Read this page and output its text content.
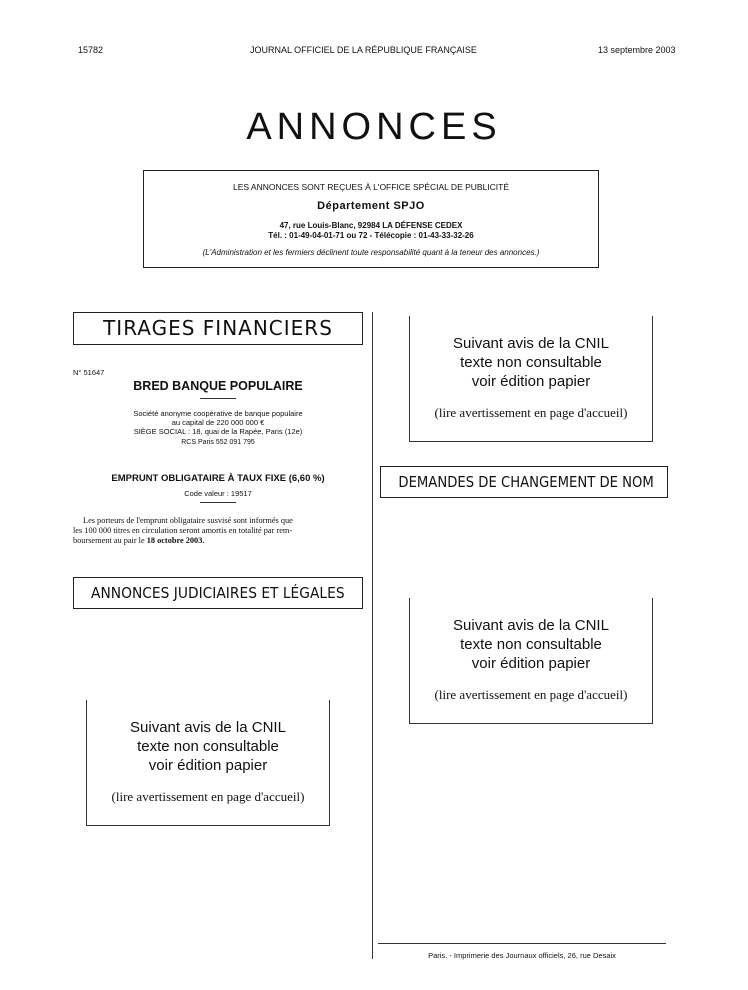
15782	JOURNAL OFFICIEL DE LA RÉPUBLIQUE FRANÇAISE	13 septembre 2003
ANNONCES
LES ANNONCES SONT REÇUES À L'OFFICE SPÉCIAL DE PUBLICITÉ
Département SPJO
47, rue Louis-Blanc, 92984 LA DÉFENSE CEDEX
Tél. : 01-49-04-01-71 ou 72 - Télécopie : 01-43-33-32-26
(L'Administration et les fermiers déclinent toute responsabilité quant à la teneur des annonces.)
TIRAGES FINANCIERS
N° 51647
BRED BANQUE POPULAIRE
Société anonyme coopérative de banque populaire
au capital de 220 000 000 €
SIÈGE SOCIAL : 18, quai de la Rapée, Paris (12e)
RCS Paris 552 091 795
EMPRUNT OBLIGATAIRE À TAUX FIXE (6,60 %)
Code valeur : 19517
Les porteurs de l'emprunt obligataire susvisé sont informés que
les 100 000 titres en circulation seront amortis en totalité par rem-
boursement au pair le 18 octobre 2003.
ANNONCES JUDICIAIRES ET LÉGALES
Suivant avis de la CNIL
texte non consultable
voir édition papier
(lire avertissement en page d'accueil)
Suivant avis de la CNIL
texte non consultable
voir édition papier
(lire avertissement en page d'accueil)
DEMANDES DE CHANGEMENT DE NOM
Suivant avis de la CNIL
texte non consultable
voir édition papier
(lire avertissement en page d'accueil)
Paris. - Imprimerie des Journaux officiels, 26, rue Desaix
